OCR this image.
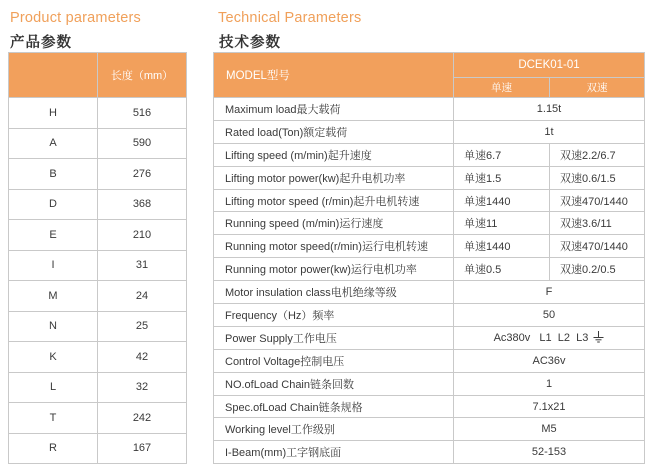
Product parameters
产品参数
Technical Parameters
技术参数
	长度（mm）
H	516
A	590
B	276
D	368
E	210
I	31
M	24
N	25
K	42
L	32
T	242
R	167
MODEL型号	DCEK01-01	
	单速	双速
Maximum load最大载荷	1.15t	
Rated load(Ton)额定载荷	1t	
Lifting speed (m/min)起升速度	单速6.7	双速2.2/6.7
Lifting motor power(kw)起升电机功率	单速1.5	双速0.6/1.5
Lifting motor speed (r/min)起升电机转速	单速1440	双速470/1440
Running speed (m/min)运行速度	单速11	双速3.6/11
Running motor speed(r/min)运行电机转速	单速1440	双速470/1440
Running motor power(kw)运行电机功率	单速0.5	双速0.2/0.5
Motor insulation class电机绝缘等级	F	
Frequency（Hz）频率	50	
Power Supply工作电压	Ac380v   L1  L2  L3	
Control Voltage控制电压	AC36v	
NO.ofLoad Chain链条回数	1	
Spec.ofLoad Chain链条规格	7.1x21	
Working level工作级别	M5	
I-Beam(mm)工字钢底面	52-153	
